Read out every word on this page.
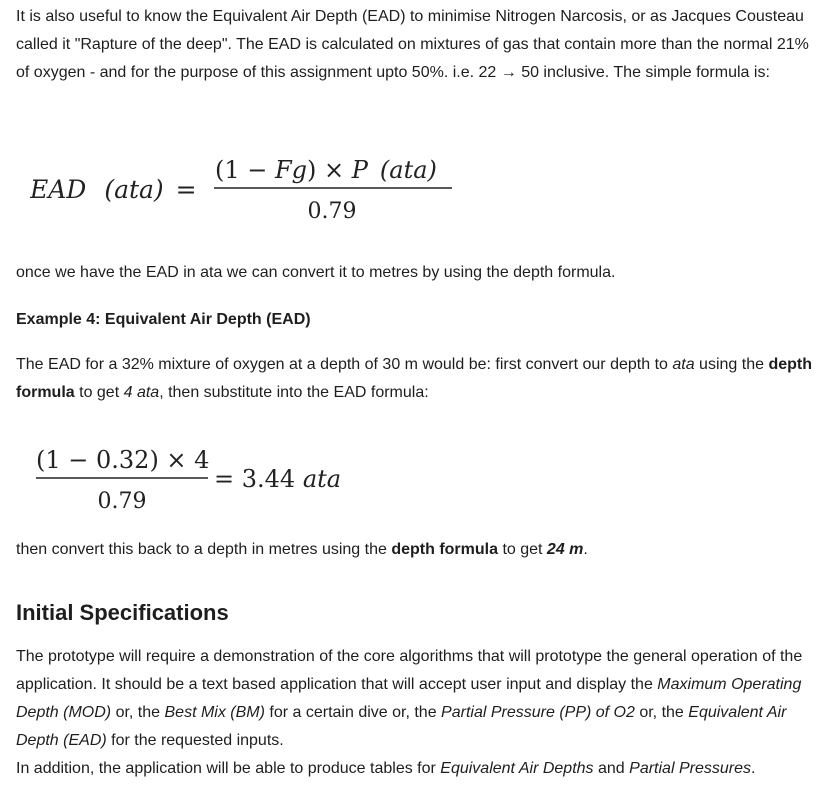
It is also useful to know the Equivalent Air Depth (EAD) to minimise Nitrogen Narcosis, or as Jacques Cousteau called it "Rapture of the deep". The EAD is calculated on mixtures of gas that contain more than the normal 21% of oxygen - and for the purpose of this assignment upto 50%. i.e. 22 → 50 inclusive. The simple formula is:

EAD (ata) =
(1 − Fg) × P (ata)
0.79

once we have the EAD in ata we can convert it to metres by using the depth formula.

Example 4: Equivalent Air Depth (EAD)

The EAD for a 32% mixture of oxygen at a depth of 30 m would be: first convert our depth to ata using the depth formula to get 4 ata, then substitute into the EAD formula:

(1 − 0.32) × 4
0.79
= 3.44 ata

then convert this back to a depth in metres using the depth formula to get 24 m.

Initial Specifications

The prototype will require a demonstration of the core algorithms that will prototype the general operation of the application. It should be a text based application that will accept user input and display the Maximum Operating Depth (MOD) or, the Best Mix (BM) for a certain dive or, the Partial Pressure (PP) of O2 or, the Equivalent Air Depth (EAD) for the requested inputs.
In addition, the application will be able to produce tables for Equivalent Air Depths and Partial Pressures.
